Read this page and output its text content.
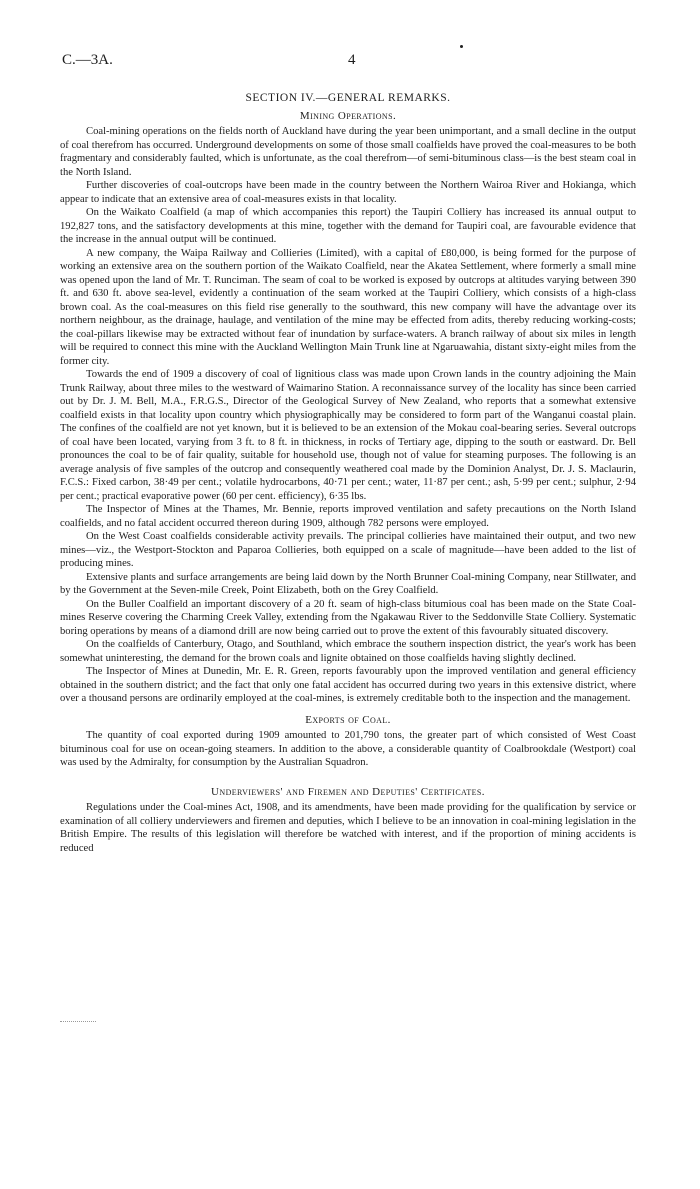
C.—3A.	4
SECTION IV.—GENERAL REMARKS.
Mining Operations.

Coal-mining operations on the fields north of Auckland have during the year been unimportant, and a small decline in the output of coal therefrom has occurred. Underground developments on some of those small coalfields have proved the coal-measures to be both fragmentary and considerably faulted, which is unfortunate, as the coal therefrom—of semi-bituminous class—is the best steam coal in the North Island.

Further discoveries of coal-outcrops have been made in the country between the Northern Wairoa River and Hokianga, which appear to indicate that an extensive area of coal-measures exists in that locality.

On the Waikato Coalfield (a map of which accompanies this report) the Taupiri Colliery has increased its annual output to 192,827 tons, and the satisfactory developments at this mine, together with the demand for Taupiri coal, are favourable evidence that the increase in the annual output will be continued.

A new company, the Waipa Railway and Collieries (Limited), with a capital of £80,000, is being formed for the purpose of working an extensive area on the southern portion of the Waikato Coalfield, near the Akatea Settlement, where formerly a small mine was opened upon the land of Mr. T. Runciman. The seam of coal to be worked is exposed by outcrops at altitudes varying between 390 ft. and 630 ft. above sea-level, evidently a continuation of the seam worked at the Taupiri Colliery, which consists of a high-class brown coal. As the coal-measures on this field rise generally to the southward, this new company will have the advantage over its northern neighbour, as the drainage, haulage, and ventilation of the mine may be effected from adits, thereby reducing working-costs; the coal-pillars likewise may be extracted without fear of inundation by surface-waters. A branch railway of about six miles in length will be required to connect this mine with the Auckland Wellington Main Trunk line at Ngaruawahia, distant sixty-eight miles from the former city.

Towards the end of 1909 a discovery of coal of lignitious class was made upon Crown lands in the country adjoining the Main Trunk Railway, about three miles to the westward of Waimarino Station. A reconnaissance survey of the locality has since been carried out by Dr. J. M. Bell, M.A., F.R.G.S., Director of the Geological Survey of New Zealand, who reports that a somewhat extensive coalfield exists in that locality upon country which physiographically may be considered to form part of the Wanganui coastal plain. The confines of the coalfield are not yet known, but it is believed to be an extension of the Mokau coal-bearing series. Several outcrops of coal have been located, varying from 3 ft. to 8 ft. in thickness, in rocks of Tertiary age, dipping to the south or eastward. Dr. Bell pronounces the coal to be of fair quality, suitable for household use, though not of value for steaming purposes. The following is an average analysis of five samples of the outcrop and consequently weathered coal made by the Dominion Analyst, Dr. J. S. Maclaurin, F.C.S.: Fixed carbon, 38·49 per cent.; volatile hydrocarbons, 40·71 per cent.; water, 11·87 per cent.; ash, 5·99 per cent.; sulphur, 2·94 per cent.; practical evaporative power (60 per cent. efficiency), 6·35 lbs.

The Inspector of Mines at the Thames, Mr. Bennie, reports improved ventilation and safety precautions on the North Island coalfields, and no fatal accident occurred thereon during 1909, although 782 persons were employed.

On the West Coast coalfields considerable activity prevails. The principal collieries have maintained their output, and two new mines—viz., the Westport-Stockton and Paparoa Collieries, both equipped on a scale of magnitude—have been added to the list of producing mines.

Extensive plants and surface arrangements are being laid down by the North Brunner Coal-mining Company, near Stillwater, and by the Government at the Seven-mile Creek, Point Elizabeth, both on the Grey Coalfield.

On the Buller Coalfield an important discovery of a 20 ft. seam of high-class bitumious coal has been made on the State Coal-mines Reserve covering the Charming Creek Valley, extending from the Ngakawau River to the Seddonville State Colliery. Systematic boring operations by means of a diamond drill are now being carried out to prove the extent of this favourably situated discovery.

On the coalfields of Canterbury, Otago, and Southland, which embrace the southern inspection district, the year's work has been somewhat uninteresting, the demand for the brown coals and lignite obtained on those coalfields having slightly declined.

The Inspector of Mines at Dunedin, Mr. E. R. Green, reports favourably upon the improved ventilation and general efficiency obtained in the southern district; and the fact that only one fatal accident has occurred during two years in this extensive district, where over a thousand persons are ordinarily employed at the coal-mines, is extremely creditable both to the inspection and the management.

Exports of Coal.

The quantity of coal exported during 1909 amounted to 201,790 tons, the greater part of which consisted of West Coast bituminous coal for use on ocean-going steamers. In addition to the above, a considerable quantity of Coalbrookdale (Westport) coal was used by the Admiralty, for consumption by the Australian Squadron.

Underviewers' and Firemen and Deputies' Certificates.

Regulations under the Coal-mines Act, 1908, and its amendments, have been made providing for the qualification by service or examination of all colliery underviewers and firemen and deputies, which I believe to be an innovation in coal-mining legislation in the British Empire. The results of this legislation will therefore be watched with interest, and if the proportion of mining accidents is reduced
